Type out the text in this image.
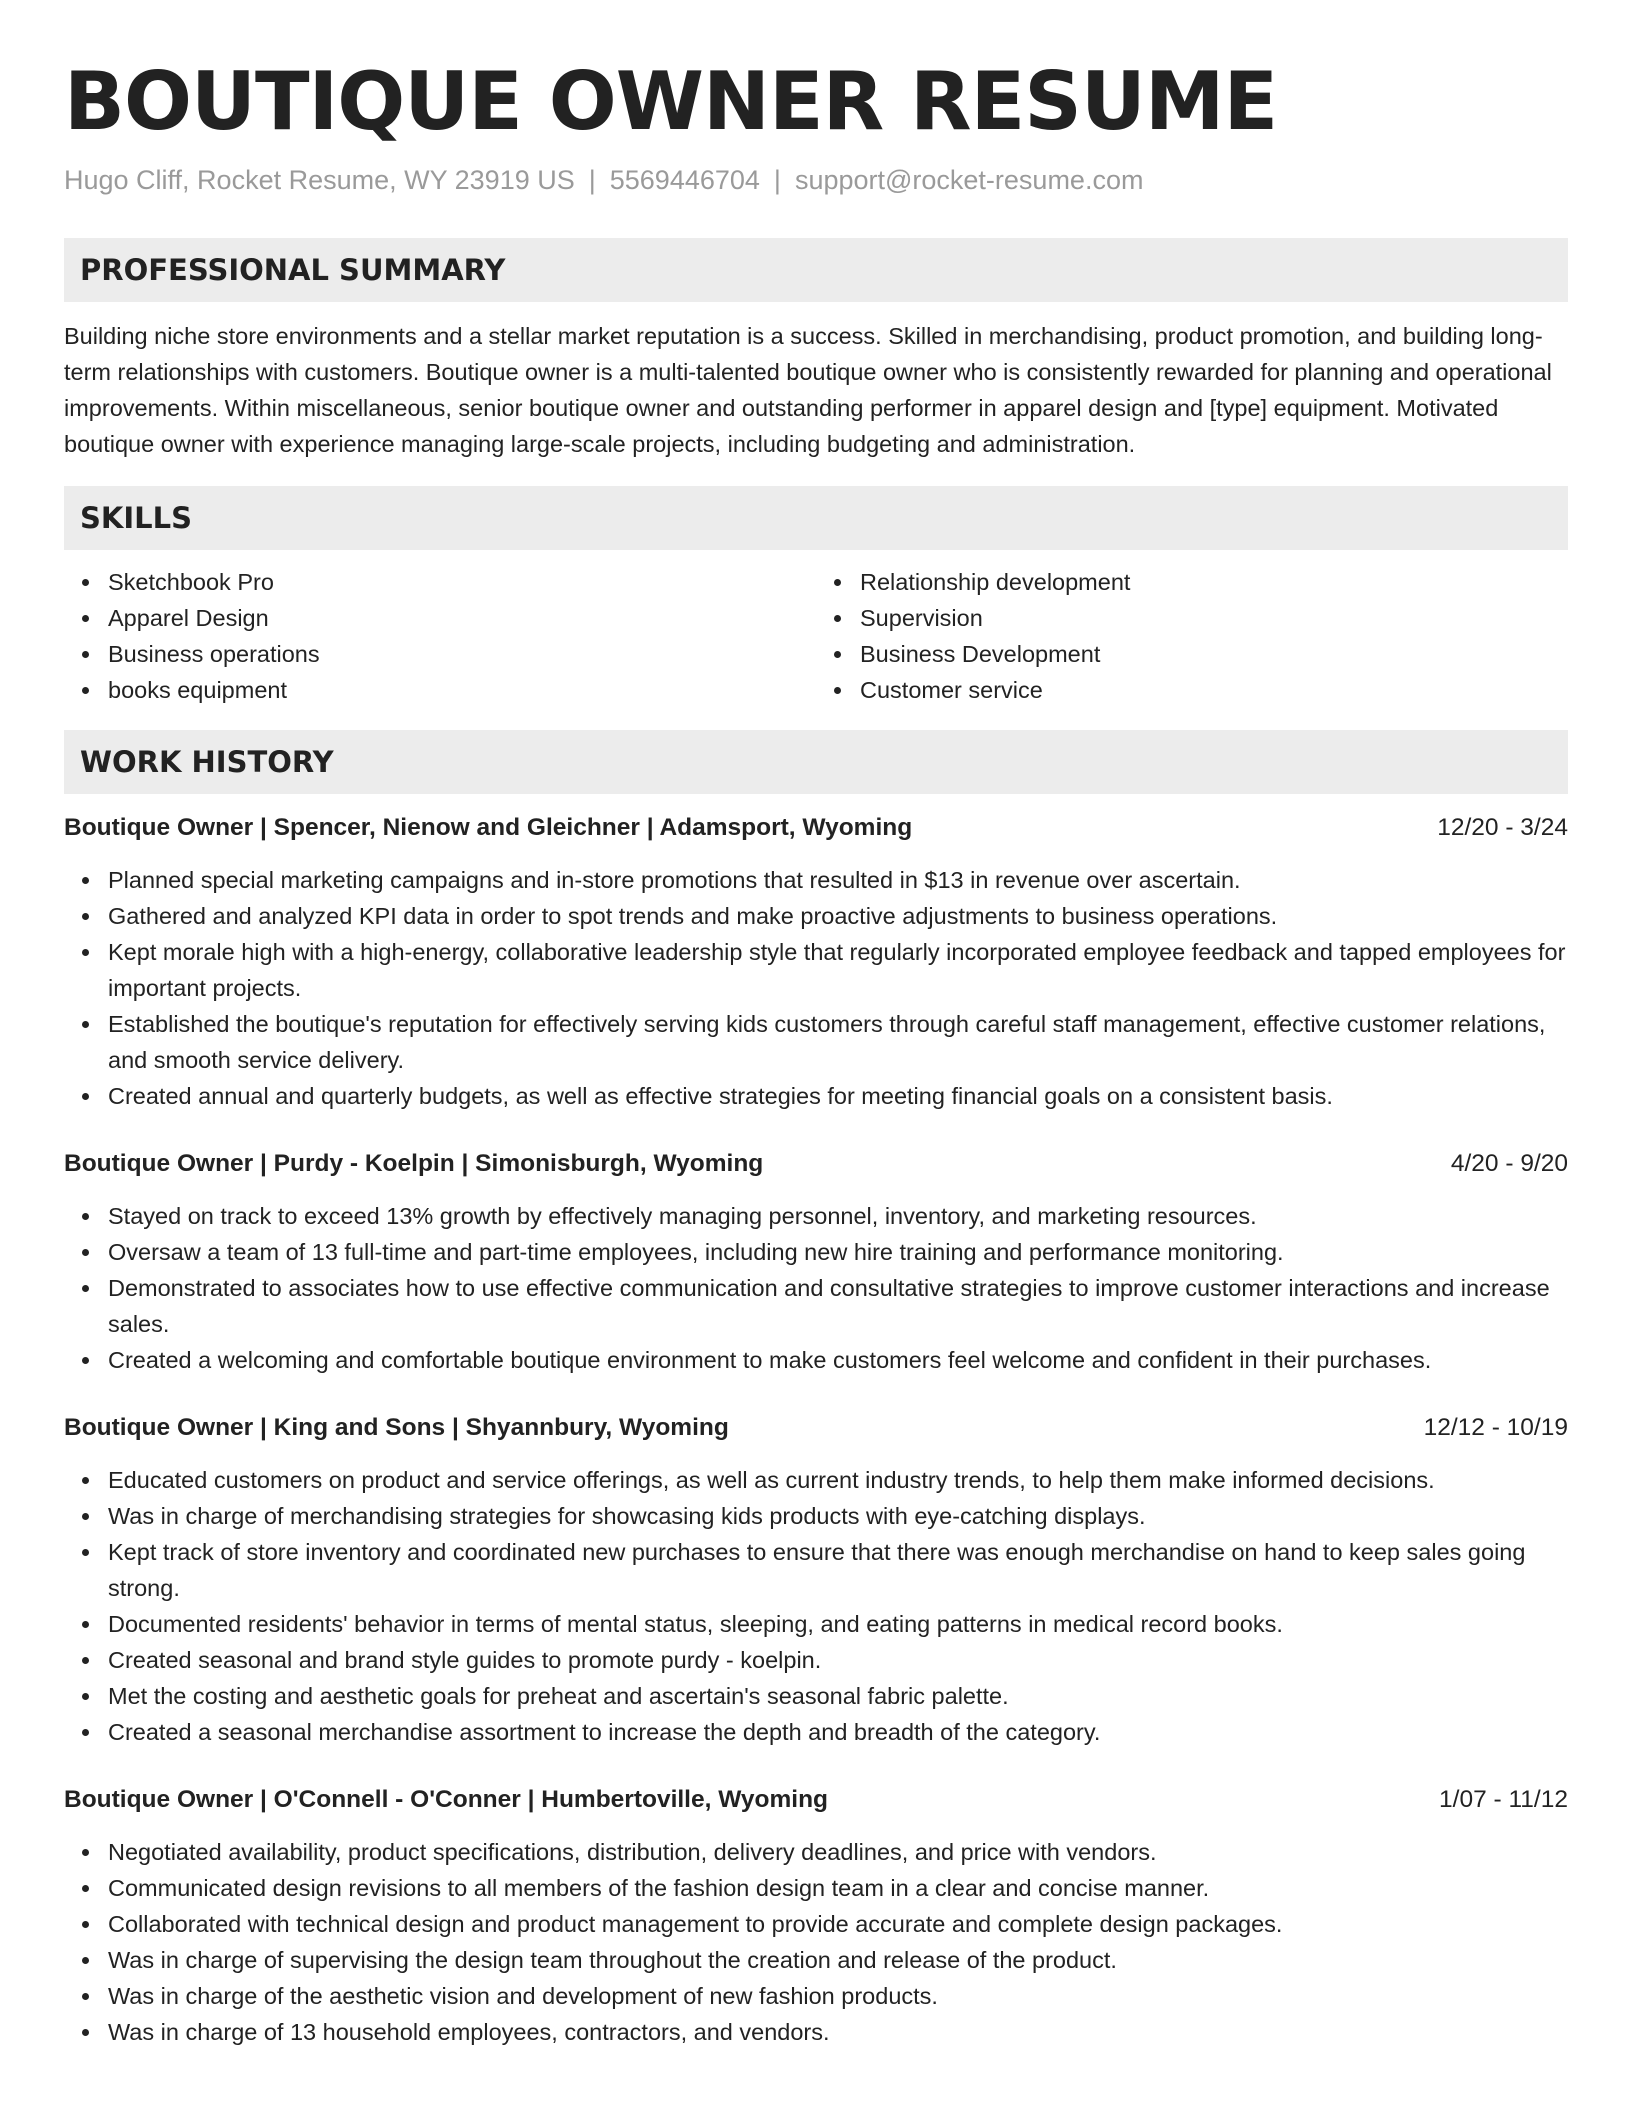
BOUTIQUE OWNER RESUME
Hugo Cliff, Rocket Resume, WY 23919 US | 5569446704 | support@rocket-resume.com
PROFESSIONAL SUMMARY

Building niche store environments and a stellar market reputation is a success. Skilled in merchandising, product promotion, and building long-term relationships with customers. Boutique owner is a multi-talented boutique owner who is consistently rewarded for planning and operational improvements. Within miscellaneous, senior boutique owner and outstanding performer in apparel design and [type] equipment. Motivated boutique owner with experience managing large-scale projects, including budgeting and administration.

SKILLS
Sketchbook Pro
Apparel Design
Business operations
books equipment
Relationship development
Supervision
Business Development
Customer service
WORK HISTORY
Boutique Owner | Spencer, Nienow and Gleichner | Adamsport, Wyoming	12/20 - 3/24
Planned special marketing campaigns and in-store promotions that resulted in $13 in revenue over ascertain.
Gathered and analyzed KPI data in order to spot trends and make proactive adjustments to business operations.
Kept morale high with a high-energy, collaborative leadership style that regularly incorporated employee feedback and tapped employees for important projects.
Established the boutique's reputation for effectively serving kids customers through careful staff management, effective customer relations, and smooth service delivery.
Created annual and quarterly budgets, as well as effective strategies for meeting financial goals on a consistent basis.
Boutique Owner | Purdy - Koelpin | Simonisburgh, Wyoming	4/20 - 9/20
Stayed on track to exceed 13% growth by effectively managing personnel, inventory, and marketing resources.
Oversaw a team of 13 full-time and part-time employees, including new hire training and performance monitoring.
Demonstrated to associates how to use effective communication and consultative strategies to improve customer interactions and increase sales.
Created a welcoming and comfortable boutique environment to make customers feel welcome and confident in their purchases.
Boutique Owner | King and Sons | Shyannbury, Wyoming	12/12 - 10/19
Educated customers on product and service offerings, as well as current industry trends, to help them make informed decisions.
Was in charge of merchandising strategies for showcasing kids products with eye-catching displays.
Kept track of store inventory and coordinated new purchases to ensure that there was enough merchandise on hand to keep sales going strong.
Documented residents' behavior in terms of mental status, sleeping, and eating patterns in medical record books.
Created seasonal and brand style guides to promote purdy - koelpin.
Met the costing and aesthetic goals for preheat and ascertain's seasonal fabric palette.
Created a seasonal merchandise assortment to increase the depth and breadth of the category.
Boutique Owner | O'Connell - O'Conner | Humbertoville, Wyoming	1/07 - 11/12
Negotiated availability, product specifications, distribution, delivery deadlines, and price with vendors.
Communicated design revisions to all members of the fashion design team in a clear and concise manner.
Collaborated with technical design and product management to provide accurate and complete design packages.
Was in charge of supervising the design team throughout the creation and release of the product.
Was in charge of the aesthetic vision and development of new fashion products.
Was in charge of 13 household employees, contractors, and vendors.
